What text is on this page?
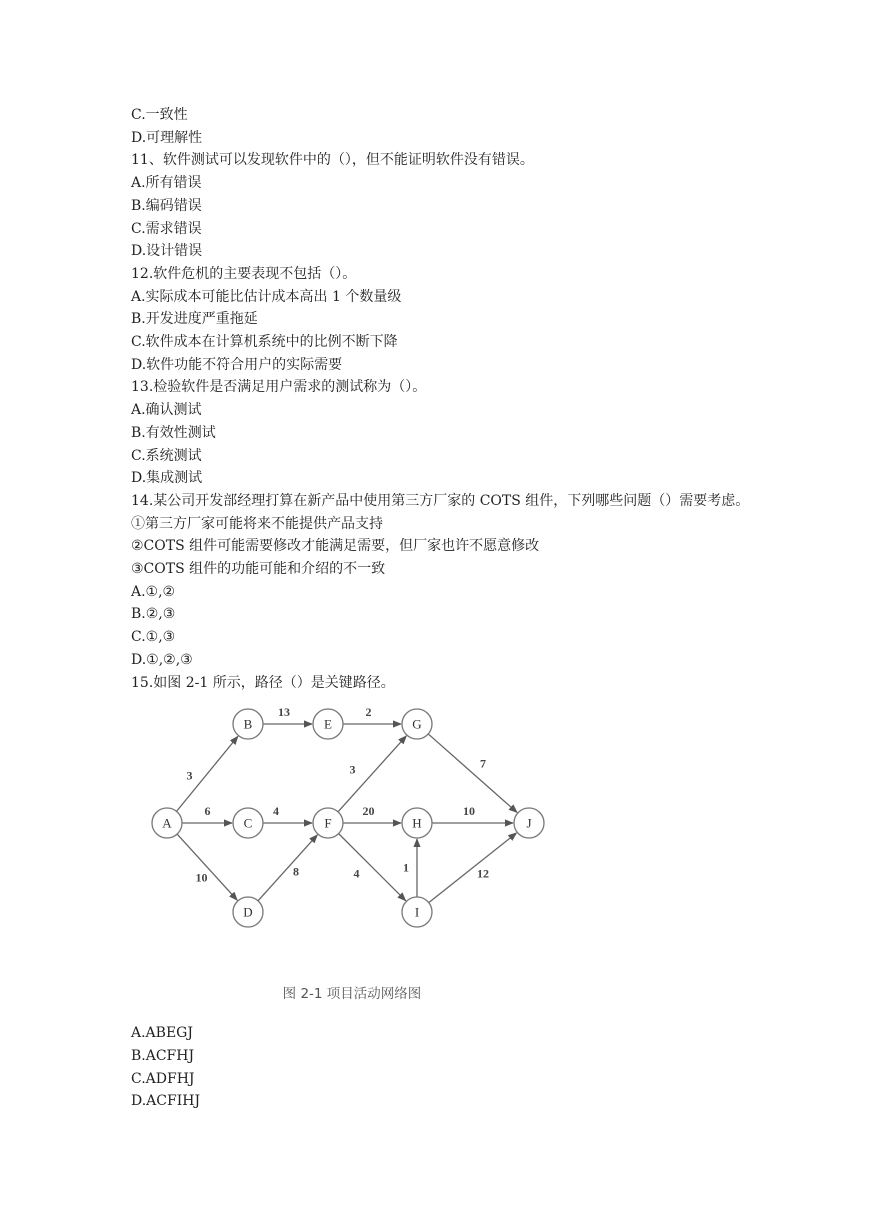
C.一致性
D.可理解性
11、软件测试可以发现软件中的（），但不能证明软件没有错误。
A.所有错误
B.编码错误
C.需求错误
D.设计错误
12.软件危机的主要表现不包括（）。
A.实际成本可能比估计成本高出 1 个数量级
B.开发进度严重拖延
C.软件成本在计算机系统中的比例不断下降
D.软件功能不符合用户的实际需要
13.检验软件是否满足用户需求的测试称为（）。
A.确认测试
B.有效性测试
C.系统测试
D.集成测试
14.某公司开发部经理打算在新产品中使用第三方厂家的 COTS 组件，下列哪些问题（）需要考虑。
①第三方厂家可能将来不能提供产品支持
②COTS 组件可能需要修改才能满足需要，但厂家也许不愿意修改
③COTS 组件的功能可能和介绍的不一致
A.①,②
B.②,③
C.①,③
D.①,②,③
15.如图 2-1 所示，路径（）是关键路径。
3
6
10
13	2
4
8
3
20
4
7
10
1	12
A
B
C
D
E
F
G
H
I
J
图 2-1 项目活动网络图
A.ABEGJ
B.ACFHJ
C.ADFHJ
D.ACFIHJ
